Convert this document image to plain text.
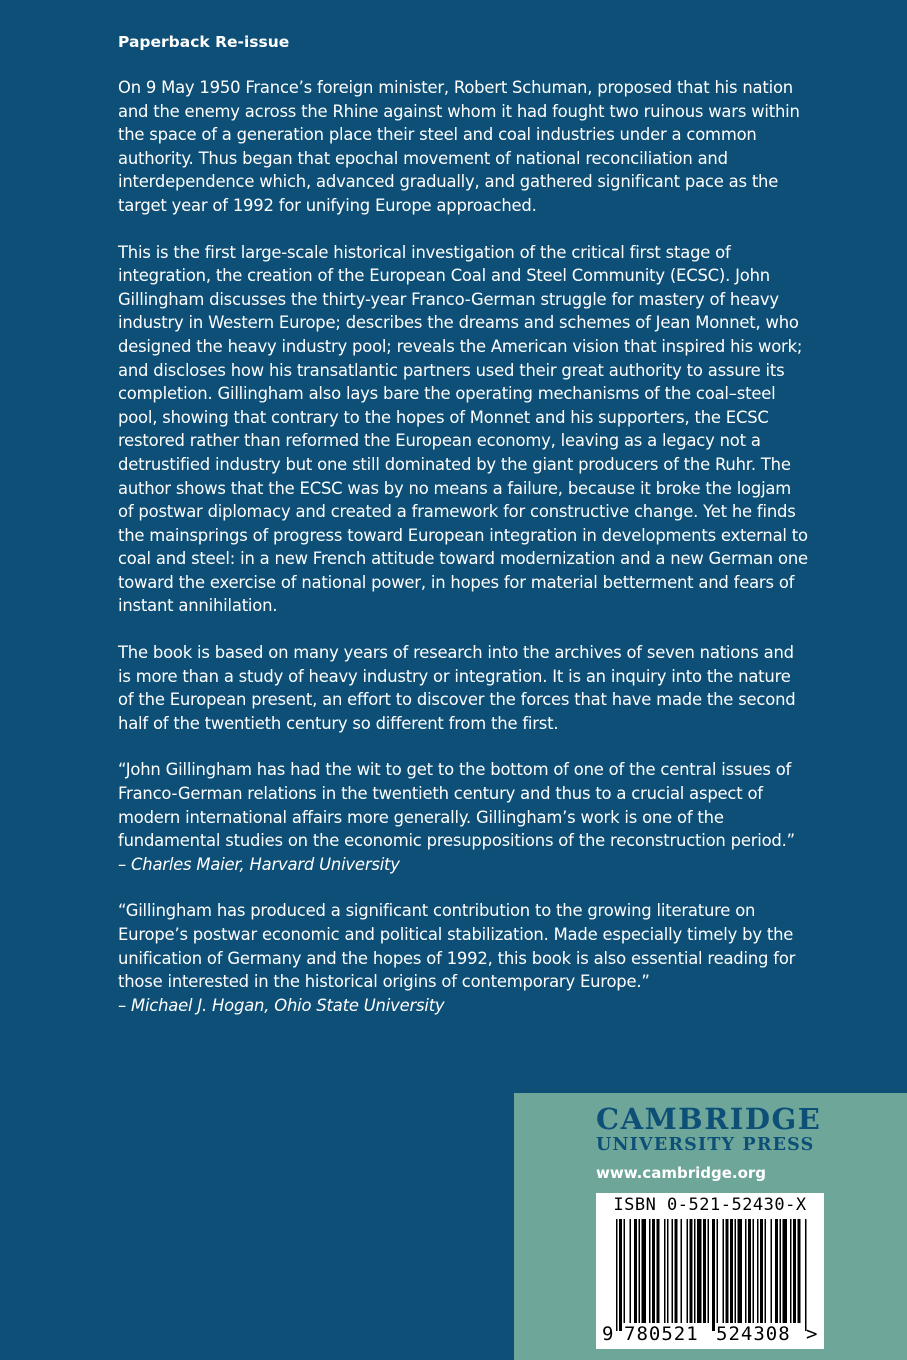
Paperback Re-issue

On 9 May 1950 France’s foreign minister, Robert Schuman, proposed that his nation and the enemy across the Rhine against whom it had fought two ruinous wars within the space of a generation place their steel and coal industries under a common authority. Thus began that epochal movement of national reconciliation and interdependence which, advanced gradually, and gathered significant pace as the target year of 1992 for unifying Europe approached.

This is the first large-scale historical investigation of the critical first stage of integration, the creation of the European Coal and Steel Community (ECSC). John Gillingham discusses the thirty-year Franco-German struggle for mastery of heavy industry in Western Europe; describes the dreams and schemes of Jean Monnet, who designed the heavy industry pool; reveals the American vision that inspired his work; and discloses how his transatlantic partners used their great authority to assure its completion. Gillingham also lays bare the operating mechanisms of the coal–steel pool, showing that contrary to the hopes of Monnet and his supporters, the ECSC restored rather than reformed the European economy, leaving as a legacy not a detrustified industry but one still dominated by the giant producers of the Ruhr. The author shows that the ECSC was by no means a failure, because it broke the logjam of postwar diplomacy and created a framework for constructive change. Yet he finds the mainsprings of progress toward European integration in developments external to coal and steel: in a new French attitude toward modernization and a new German one toward the exercise of national power, in hopes for material betterment and fears of instant annihilation.

The book is based on many years of research into the archives of seven nations and is more than a study of heavy industry or integration. It is an inquiry into the nature of the European present, an effort to discover the forces that have made the second half of the twentieth century so different from the first.

“John Gillingham has had the wit to get to the bottom of one of the central issues of Franco-German relations in the twentieth century and thus to a crucial aspect of modern international affairs more generally. Gillingham’s work is one of the fundamental studies on the economic presuppositions of the reconstruction period.”
– Charles Maier, Harvard University
“Gillingham has produced a significant contribution to the growing literature on Europe’s postwar economic and political stabilization. Made especially timely by the unification of Germany and the hopes of 1992, this book is also essential reading for those interested in the historical origins of contemporary Europe.”
– Michael J. Hogan, Ohio State University
CAMBRIDGE
UNIVERSITY PRESS
www.cambridge.org
ISBN 0-521-52430-X
9 780521 524308 >
